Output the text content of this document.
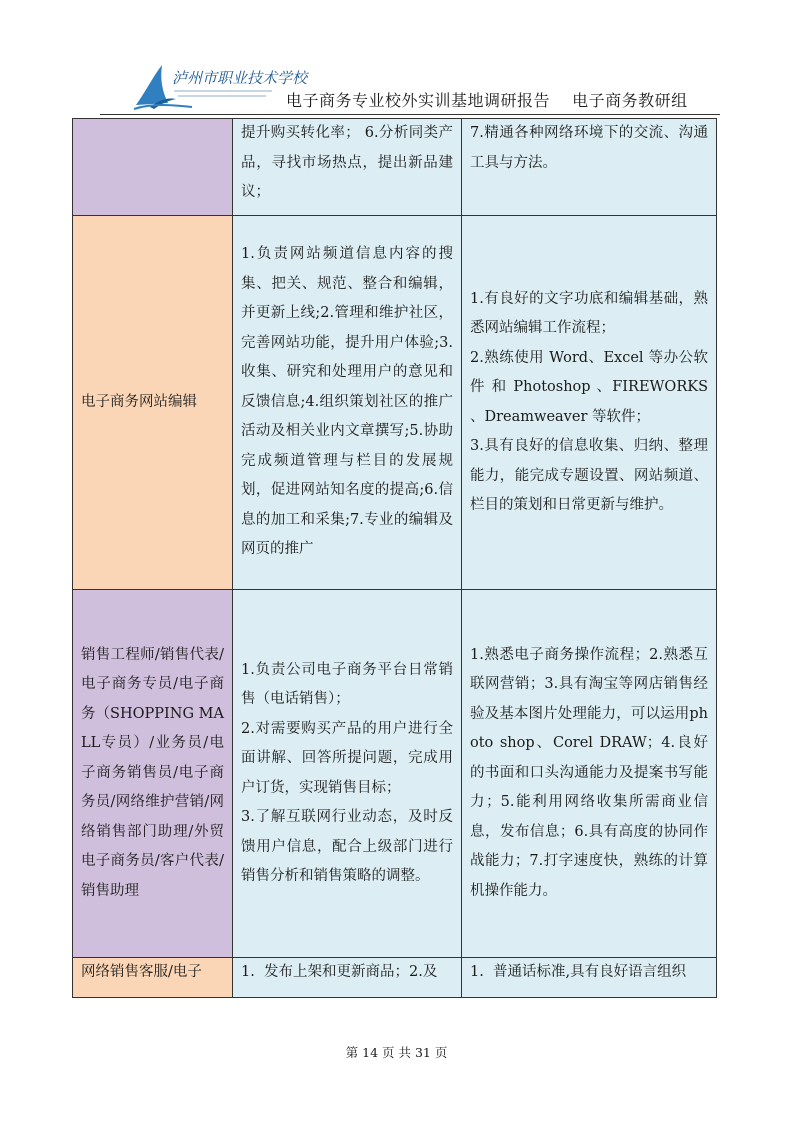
泸州市职业技术学校
电子商务专业校外实训基地调研报告　 电子商务教研组
	提升购买转化率； 6.分析同类产品，寻找市场热点，提出新品建议；	7.精通各种网络环境下的交流、沟通工具与方法。
电子商务网站编辑	1.负责网站频道信息内容的搜集、把关、规范、整合和编辑，并更新上线;2.管理和维护社区，完善网站功能，提升用户体验;3.收集、研究和处理用户的意见和反馈信息;4.组织策划社区的推广活动及相关业内文章撰写;5.协助完成频道管理与栏目的发展规划，促进网站知名度的提高;6.信息的加工和采集;7.专业的编辑及网页的推广	1.有良好的文字功底和编辑基础，熟悉网站编辑工作流程；
2.熟练使用 Word、Excel 等办公软件 和 Photoshop 、FIREWORKS 、Dreamweaver 等软件；
3.具有良好的信息收集、归纳、整理能力，能完成专题设置、网站频道、栏目的策划和日常更新与维护。
销售工程师/销售代表/电子商务专员/电子商务（SHOPPING MALL专员）/业务员/电子商务销售员/电子商务员/网络维护营销/网络销售部门助理/外贸电子商务员/客户代表/ 销售助理	1.负责公司电子商务平台日常销售（电话销售）；
2.对需要购买产品的用户进行全面讲解、回答所提问题，完成用户订货，实现销售目标；
3.了解互联网行业动态，及时反馈用户信息，配合上级部门进行销售分析和销售策略的调整。	1.熟悉电子商务操作流程；2.熟悉互联网营销；3.具有淘宝等网店销售经验及基本图片处理能力，可以运用photo shop、Corel DRAW；4.良好的书面和口头沟通能力及提案书写能力；5.能利用网络收集所需商业信息，发布信息；6.具有高度的协同作战能力；7.打字速度快，熟练的计算机操作能力。
网络销售客服/电子	1.  发布上架和更新商品；2.及	1.  普通话标准,具有良好语言组织
第 14 页 共 31 页
